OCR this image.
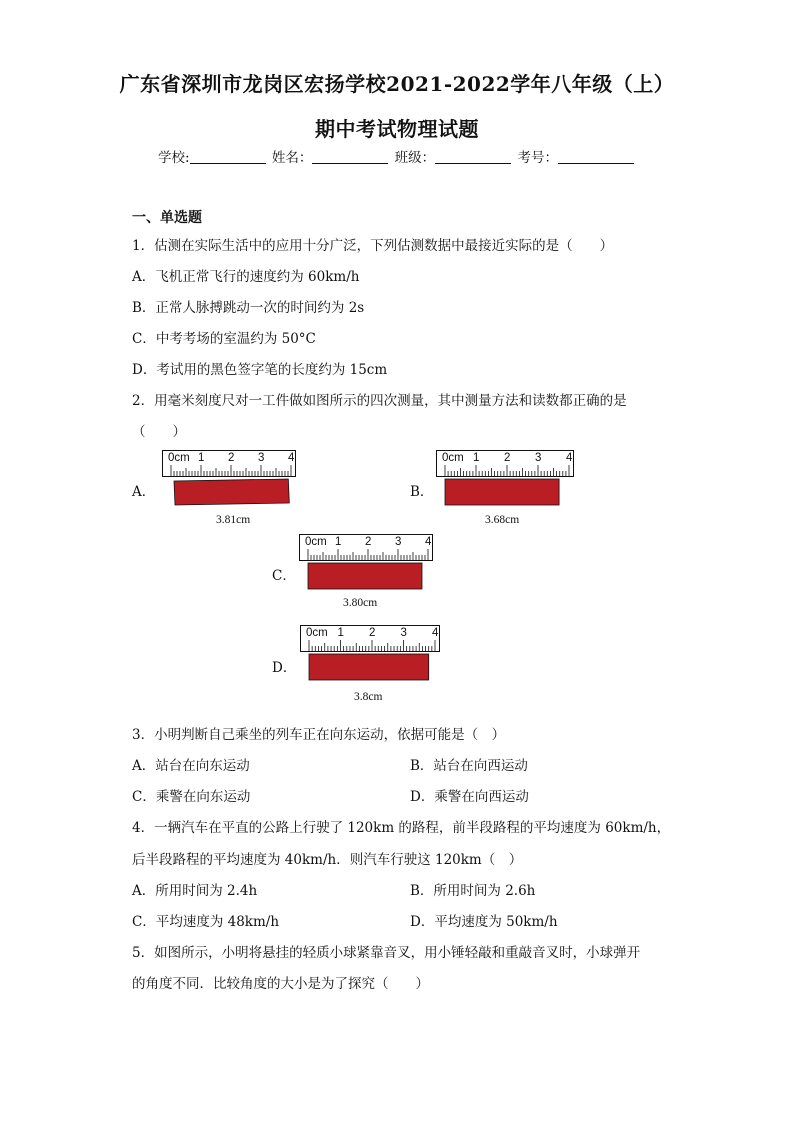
广东省深圳市龙岗区宏扬学校2021-2022学年八年级（上）
期中考试物理试题
学校:	姓名：	班级：	考号：
一、单选题
1．估测在实际生活中的应用十分广泛，下列估测数据中最接近实际的是（　　）
A．飞机正常飞行的速度约为 60km/h
B．正常人脉搏跳动一次的时间约为 2s
C．中考考场的室温约为 50°C
D．考试用的黑色签字笔的长度约为 15cm
2．用毫米刻度尺对一工件做如图所示的四次测量，其中测量方法和读数都正确的是
（　　）
A．
0cm 1 2 3 4
3.81cm
B．
0cm 1 2 3 4
3.68cm
C．
0cm 1 2 3 4
3.80cm
D．
0cm 1 2 3 4
3.8cm
3．小明判断自己乘坐的列车正在向东运动，依据可能是（　）
A．站台在向东运动	B．站台在向西运动
C．乘警在向东运动	D．乘警在向西运动
4．一辆汽车在平直的公路上行驶了 120km 的路程，前半段路程的平均速度为 60km/h，
后半段路程的平均速度为 40km/h．则汽车行驶这 120km（　）
A．所用时间为 2.4h	B．所用时间为 2.6h
C．平均速度为 48km/h	D．平均速度为 50km/h
5．如图所示，小明将悬挂的轻质小球紧靠音叉，用小锤轻敲和重敲音叉时，小球弹开
的角度不同．比较角度的大小是为了探究（　　）
